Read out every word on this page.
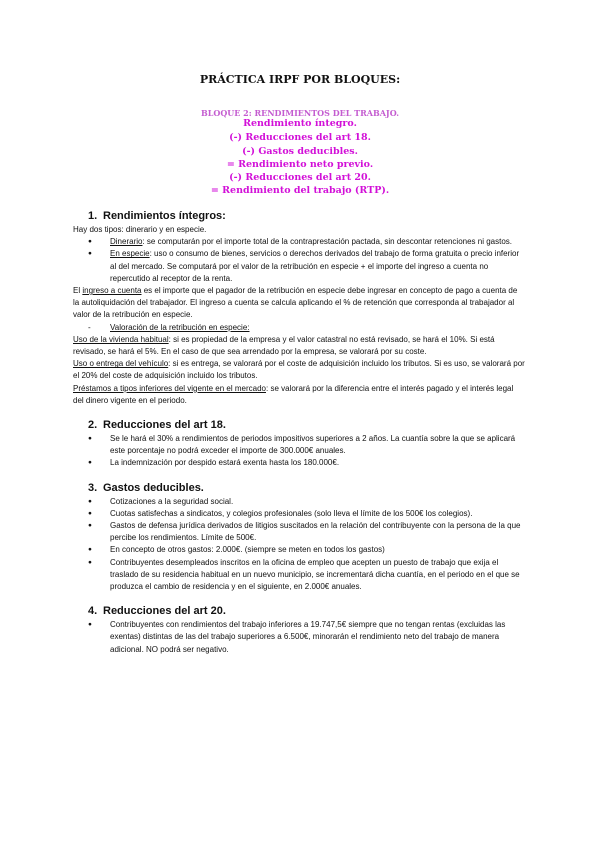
PRÁCTICA IRPF POR BLOQUES:
BLOQUE 2: RENDIMIENTOS DEL TRABAJO.
Rendimiento íntegro.
(-) Reducciones del art 18.
(-) Gastos deducibles.
= Rendimiento neto previo.
(-) Reducciones del art 20.
= Rendimiento del trabajo (RTP).
1. Rendimientos íntegros:

Hay dos tipos: dinerario y en especie.

● Dinerario: se computarán por el importe total de la contraprestación pactada, sin descontar retenciones ni gastos.
● En especie: uso o consumo de bienes, servicios o derechos derivados del trabajo de forma gratuita o precio inferior al del mercado. Se computará por el valor de la retribución en especie + el importe del ingreso a cuenta no repercutido al receptor de la renta.

El ingreso a cuenta es el importe que el pagador de la retribución en especie debe ingresar en concepto de pago a cuenta de la autoliquidación del trabajador. El ingreso a cuenta se calcula aplicando el % de retención que corresponda al trabajador al valor de la retribución en especie.

- Valoración de la retribución en especie:

Uso de la vivienda habitual: si es propiedad de la empresa y el valor catastral no está revisado, se hará el 10%. Si está revisado, se hará el 5%. En el caso de que sea arrendado por la empresa, se valorará por su coste.

Uso o entrega del vehículo: si es entrega, se valorará por el coste de adquisición incluido los tributos. Si es uso, se valorará por el 20% del coste de adquisición incluido los tributos.

Préstamos a tipos inferiores del vigente en el mercado: se valorará por la diferencia entre el interés pagado y el interés legal del dinero vigente en el periodo.

2. Reducciones del art 18.
● Se le hará el 30% a rendimientos de periodos impositivos superiores a 2 años. La cuantía sobre la que se aplicará este porcentaje no podrá exceder el importe de 300.000€ anuales.
● La indemnización por despido estará exenta hasta los 180.000€.
3. Gastos deducibles.
● Cotizaciones a la seguridad social.
● Cuotas satisfechas a sindicatos, y colegios profesionales (solo lleva el límite de los 500€ los colegios).
● Gastos de defensa jurídica derivados de litigios suscitados en la relación del contribuyente con la persona de la que percibe los rendimientos. Límite de 500€.
● En concepto de otros gastos: 2.000€. (siempre se meten en todos los gastos)
● Contribuyentes desempleados inscritos en la oficina de empleo que acepten un puesto de trabajo que exija el traslado de su residencia habitual en un nuevo municipio, se incrementará dicha cuantía, en el periodo en el que se produzca el cambio de residencia y en el siguiente, en 2.000€ anuales.
4. Reducciones del art 20.
● Contribuyentes con rendimientos del trabajo inferiores a 19.747,5€ siempre que no tengan rentas (excluidas las exentas) distintas de las del trabajo superiores a 6.500€, minorarán el rendimiento neto del trabajo de manera adicional. NO podrá ser negativo.
